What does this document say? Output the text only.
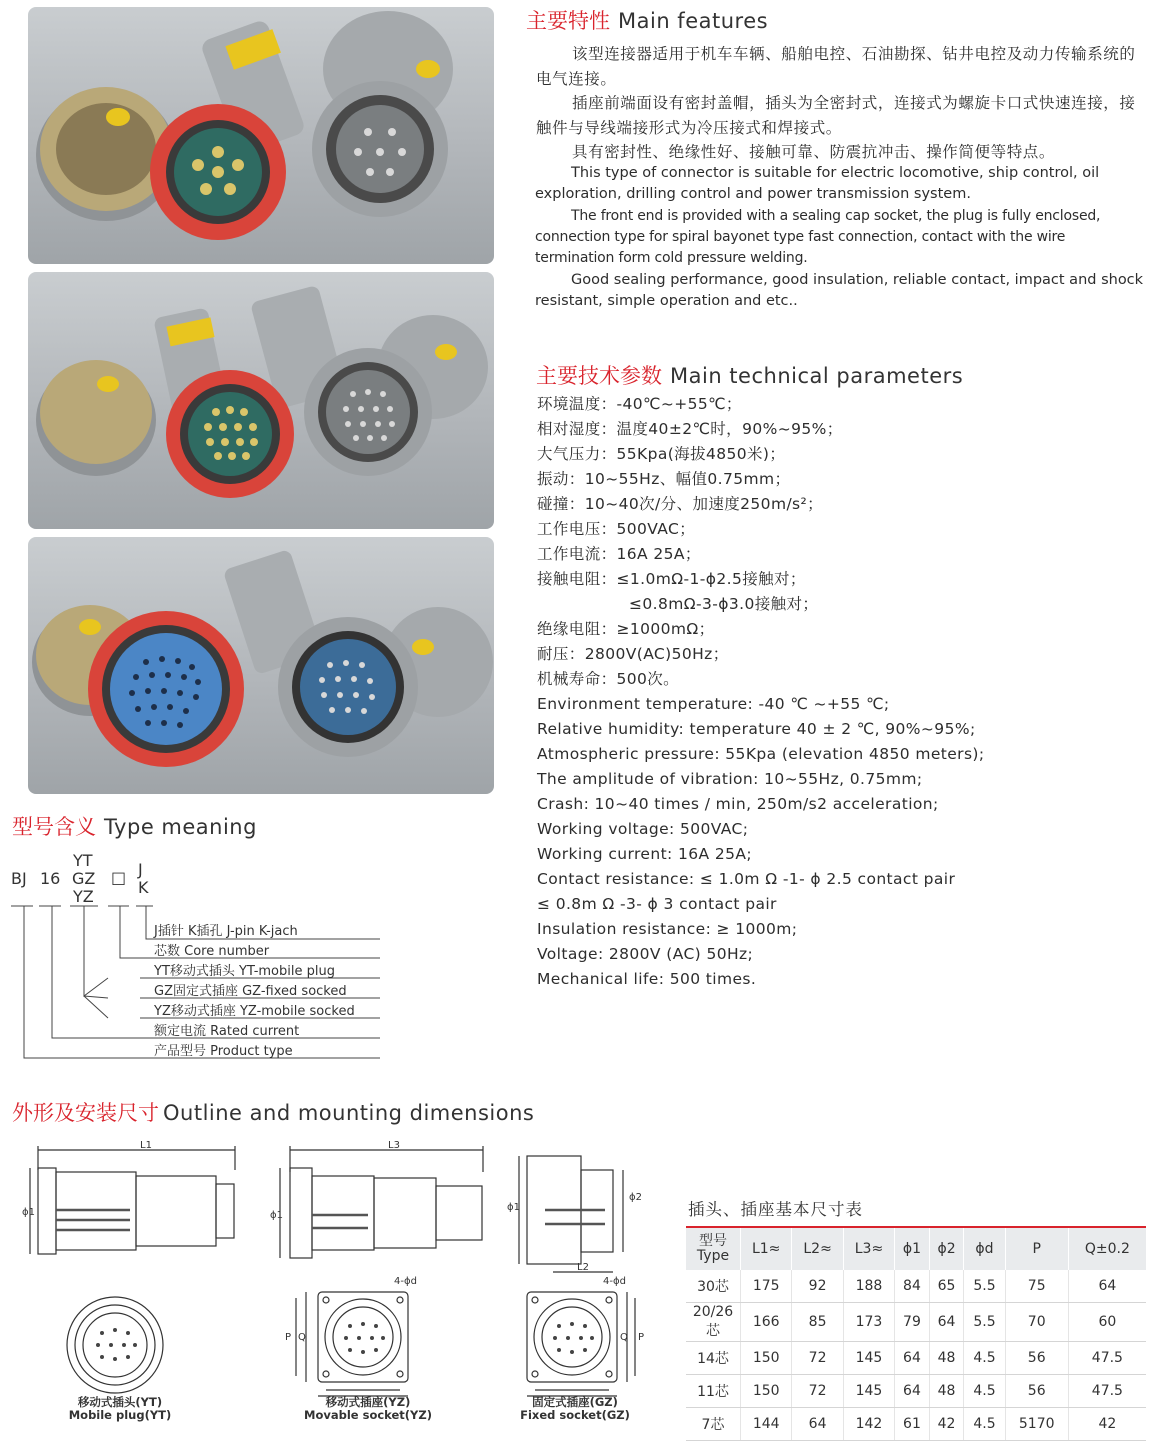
主要特性 Main features
该型连接器适用于机车车辆、船舶电控、石油勘探、钻井电控及动力传输系统的电气连接。
插座前端面设有密封盖帽，插头为全密封式，连接式为螺旋卡口式快速连接，接触件与导线端接形式为冷压接式和焊接式。
具有密封性、绝缘性好、接触可靠、防震抗冲击、操作简便等特点。
This type of connector is suitable for electric locomotive, ship control, oil exploration, drilling control and power transmission system.
The front end is provided with a sealing cap socket, the plug is fully enclosed, connection type for spiral bayonet type fast connection, contact with the wire termination form cold pressure welding.
Good sealing performance, good insulation, reliable contact, impact and shock resistant, simple operation and etc..
主要技术参数 Main technical parameters
环境温度：-40℃~+55℃；
相对湿度：温度40±2℃时，90%~95%；
大气压力：55Kpa(海拔4850米)；
振动：10~55Hz、幅值0.75mm；
碰撞：10~40次/分、加速度250m/s²；
工作电压：500VAC；
工作电流：16A 25A；
接触电阻：≤1.0mΩ-1-ϕ2.5接触对；
≤0.8mΩ-3-ϕ3.0接触对；
绝缘电阻：≥1000mΩ；
耐压：2800V(AC)50Hz；
机械寿命：500次。
Environment temperature: -40 ℃ ~+55 ℃;
Relative humidity: temperature 40 ± 2 ℃, 90%~95%;
Atmospheric pressure: 55Kpa (elevation 4850 meters);
The amplitude of vibration: 10~55Hz, 0.75mm;
Crash: 10~40 times / min, 250m/s2 acceleration;
Working voltage: 500VAC;
Working current: 16A 25A;
Contact resistance: ≤ 1.0m Ω -1- ϕ 2.5 contact pair
≤ 0.8m Ω -3- ϕ 3 contact pair
Insulation resistance: ≥ 1000m;
Voltage: 2800V (AC) 50Hz;
Mechanical life: 500 times.
型号含义 Type meaning
BJ 16
YT
GZ
YZ
□ J
K
J插针 K插孔 J-pin K-jach
芯数 Core number
YT移动式插头 YT-mobile plug
GZ固定式插座 GZ-fixed socked
YZ移动式插座 YZ-mobile socked
额定电流 Rated current
产品型号 Product type
外形及安装尺寸 Outline and mounting dimensions
L1
ϕ1
移动式插头(YT)
Mobile plug(YT)
L3
ϕ1
4-ϕd
P Q
移动式插座(YZ)
Movable socket(YZ)
ϕ1
ϕ2
L2
4-ϕd
P
Q
固定式插座(GZ)
Fixed socket(GZ)
插头、插座基本尺寸表
型号
Type	L1≈	L2≈	L3≈	ϕ1	ϕ2	ϕd	P	Q±0.2
30芯	175	92	188	84	65	5.5	75	64
20/26芯	166	85	173	79	64	5.5	70	60
14芯	150	72	145	64	48	4.5	56	47.5
11芯	150	72	145	64	48	4.5	56	47.5
7芯	144	64	142	61	42	4.5	5170	42
